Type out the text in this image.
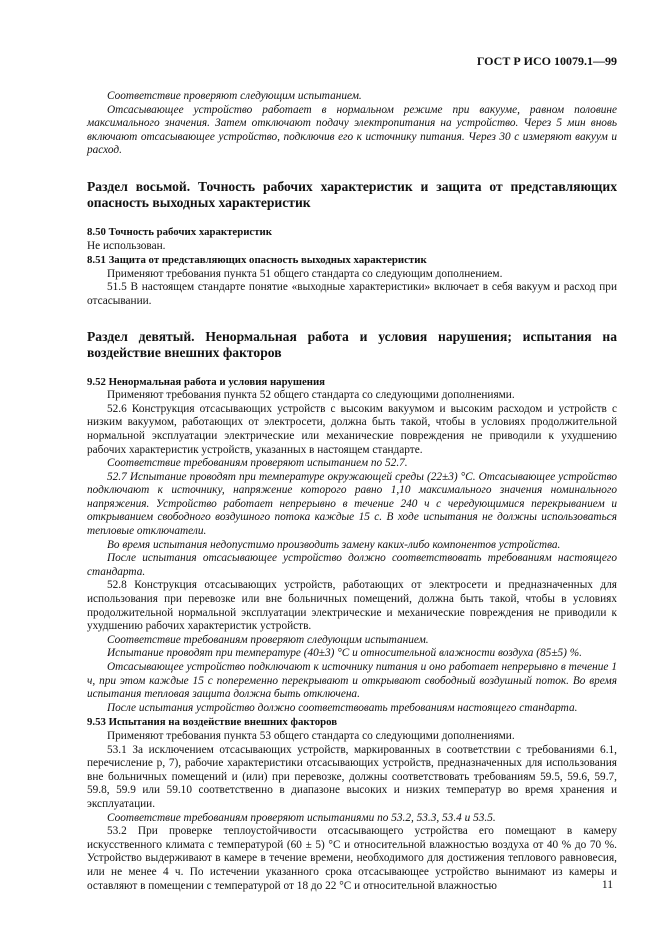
ГОСТ Р ИСО 10079.1—99

Соответствие проверяют следующим испытанием.

Отсасывающее устройство работает в нормальном режиме при вакууме, равном половине максимального значения. Затем отключают подачу электропитания на устройство. Через 5 мин вновь включают отсасывающее устройство, подключив его к источнику питания. Через 30 с измеряют вакуум и расход.

Раздел восьмой. Точность рабочих характеристик и защита от представляющих опасность выходных характеристик

8.50 Точность рабочих характеристик

Не использован.

8.51 Защита от представляющих опасность выходных характеристик

Применяют требования пункта 51 общего стандарта со следующим дополнением.

51.5 В настоящем стандарте понятие «выходные характеристики» включает в себя вакуум и расход при отсасывании.

Раздел девятый. Ненормальная работа и условия нарушения; испытания на воздействие внешних факторов

9.52 Ненормальная работа и условия нарушения

Применяют требования пункта 52 общего стандарта со следующими дополнениями.

52.6 Конструкция отсасывающих устройств с высоким вакуумом и высоким расходом и устройств с низким вакуумом, работающих от электросети, должна быть такой, чтобы в условиях продолжительной нормальной эксплуатации электрические или механические повреждения не приводили к ухудшению рабочих характеристик устройств, указанных в настоящем стандарте.

Соответствие требованиям проверяют испытанием по 52.7.

52.7 Испытание проводят при температуре окружающей среды (22±3) °С. Отсасывающее устройство подключают к источнику, напряжение которого равно 1,10 максимального значения номинального напряжения. Устройство работает непрерывно в течение 240 ч с чередующимися перекрыванием и открыванием свободного воздушного потока каждые 15 с. В ходе испытания не должны использоваться тепловые отключатели.

Во время испытания недопустимо производить замену каких-либо компонентов устройства.

После испытания отсасывающее устройство должно соответствовать требованиям настоящего стандарта.

52.8 Конструкция отсасывающих устройств, работающих от электросети и предназначенных для использования при перевозке или вне больничных помещений, должна быть такой, чтобы в условиях продолжительной нормальной эксплуатации электрические и механические повреждения не приводили к ухудшению рабочих характеристик устройств.

Соответствие требованиям проверяют следующим испытанием.

Испытание проводят при температуре (40±3) °С и относительной влажности воздуха (85±5) %.

Отсасывающее устройство подключают к источнику питания и оно работает непрерывно в течение 1 ч, при этом каждые 15 с попеременно перекрывают и открывают свободный воздушный поток. Во время испытания тепловая защита должна быть отключена.

После испытания устройство должно соответствовать требованиям настоящего стандарта.

9.53 Испытания на воздействие внешних факторов

Применяют требования пункта 53 общего стандарта со следующими дополнениями.

53.1 За исключением отсасывающих устройств, маркированных в соответствии с требованиями 6.1, перечисление р, 7), рабочие характеристики отсасывающих устройств, предназначенных для использования вне больничных помещений и (или) при перевозке, должны соответствовать требованиям 59.5, 59.6, 59.7, 59.8, 59.9 или 59.10 соответственно в диапазоне высоких и низких температур во время хранения и эксплуатации.

Соответствие требованиям проверяют испытаниями по 53.2, 53.3, 53.4 и 53.5.

53.2 При проверке теплоустойчивости отсасывающего устройства его помещают в камеру искусственного климата с температурой (60 ± 5) °С и относительной влажностью воздуха от 40 % до 70 %. Устройство выдерживают в камере в течение времени, необходимого для достижения теплового равновесия, или не менее 4 ч. По истечении указанного срока отсасывающее устройство вынимают из камеры и оставляют в помещении с температурой от 18 до 22 °С и относительной влажностью	11
